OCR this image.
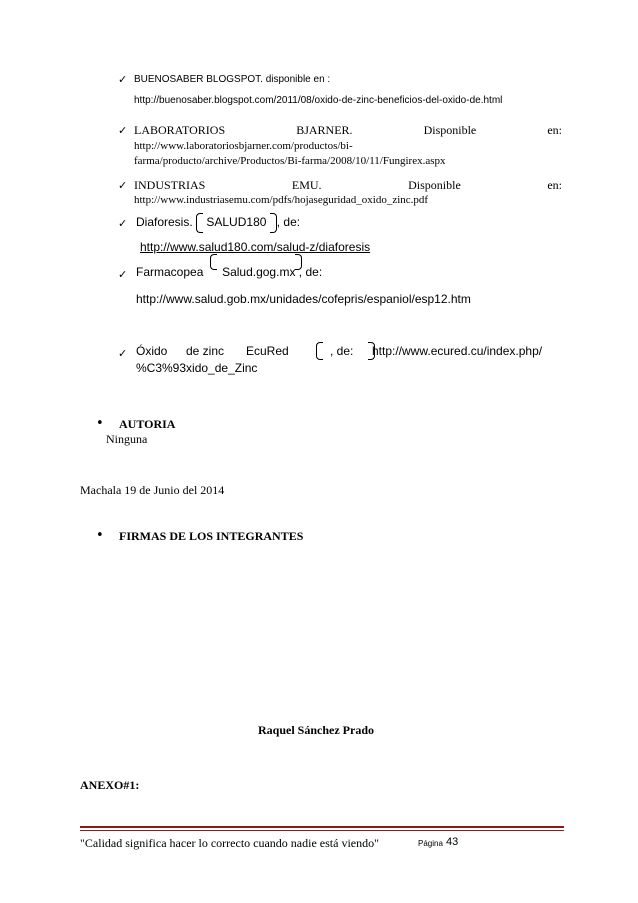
✓ BUENOSABER BLOGSPOT. disponible en :
http://buenosaber.blogspot.com/2011/08/oxido-de-zinc-beneficios-del-oxido-de.html
✓ LABORATORIOS	BJARNER.	Disponible	en:
http://www.laboratoriosbjarner.com/productos/bi-
farma/producto/archive/Productos/Bi-farma/2008/10/11/Fungirex.aspx
✓ INDUSTRIAS	EMU.	Disponible	en:
http://www.industriasemu.com/pdfs/hojaseguridad_oxido_zinc.pdf
✓ Diaforesis. SALUD180 , de:
http://www.salud180.com/salud-z/diaforesis
✓ Farmacopea Salud.gog.mx , de:
http://www.salud.gob.mx/unidades/cofepris/espaniol/esp12.htm
✓ Óxido de zinc EcuRed	, de: http://www.ecured.cu/index.php/
%C3%93xido_de_Zinc
• AUTORIA
Ninguna
Machala 19 de Junio del 2014
• FIRMAS DE LOS INTEGRANTES
Raquel Sánchez Prado
ANEXO#1:
"Calidad significa hacer lo correcto cuando nadie está viendo"	Página 43
